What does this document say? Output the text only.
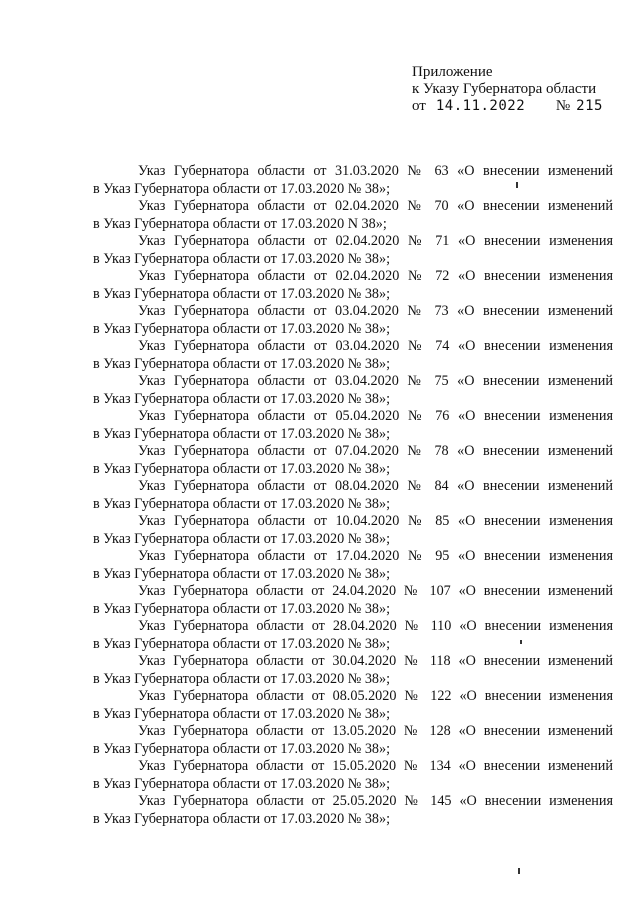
Приложение
к Указу Губернатора области
от 14.11.2022 № 215

Указ Губернатора области от 31.03.2020 № 63 «О внесении изменений
в Указ Губернатора области от 17.03.2020 № 38»;

Указ Губернатора области от 02.04.2020 № 70 «О внесении изменений
в Указ Губернатора области от 17.03.2020 N 38»;

Указ Губернатора области от 02.04.2020 № 71 «О внесении изменения
в Указ Губернатора области от 17.03.2020 № 38»;

Указ Губернатора области от 02.04.2020 № 72 «О внесении изменения
в Указ Губернатора области от 17.03.2020 № 38»;

Указ Губернатора области от 03.04.2020 № 73 «О внесении изменений
в Указ Губернатора области от 17.03.2020 № 38»;

Указ Губернатора области от 03.04.2020 № 74 «О внесении изменения
в Указ Губернатора области от 17.03.2020 № 38»;

Указ Губернатора области от 03.04.2020 № 75 «О внесении изменений
в Указ Губернатора области от 17.03.2020 № 38»;

Указ Губернатора области от 05.04.2020 № 76 «О внесении изменения
в Указ Губернатора области от 17.03.2020 № 38»;

Указ Губернатора области от 07.04.2020 № 78 «О внесении изменений
в Указ Губернатора области от 17.03.2020 № 38»;

Указ Губернатора области от 08.04.2020 № 84 «О внесении изменений
в Указ Губернатора области от 17.03.2020 № 38»;

Указ Губернатора области от 10.04.2020 № 85 «О внесении изменения
в Указ Губернатора области от 17.03.2020 № 38»;

Указ Губернатора области от 17.04.2020 № 95 «О внесении изменения
в Указ Губернатора области от 17.03.2020 № 38»;

Указ Губернатора области от 24.04.2020 № 107 «О внесении изменений
в Указ Губернатора области от 17.03.2020 № 38»;

Указ Губернатора области от 28.04.2020 № 110 «О внесении изменения
в Указ Губернатора области от 17.03.2020 № 38»;

Указ Губернатора области от 30.04.2020 № 118 «О внесении изменений
в Указ Губернатора области от 17.03.2020 № 38»;

Указ Губернатора области от 08.05.2020 № 122 «О внесении изменения
в Указ Губернатора области от 17.03.2020 № 38»;

Указ Губернатора области от 13.05.2020 № 128 «О внесении изменений
в Указ Губернатора области от 17.03.2020 № 38»;

Указ Губернатора области от 15.05.2020 № 134 «О внесении изменений
в Указ Губернатора области от 17.03.2020 № 38»;

Указ Губернатора области от 25.05.2020 № 145 «О внесении изменения
в Указ Губернатора области от 17.03.2020 № 38»;
